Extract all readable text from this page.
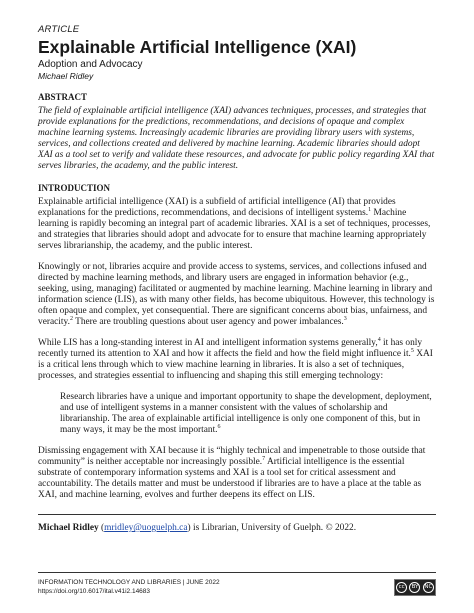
ARTICLE

Explainable Artificial Intelligence (XAI)

Adoption and Advocacy

Michael Ridley

ABSTRACT

The field of explainable artificial intelligence (XAI) advances techniques, processes, and strategies that provide explanations for the predictions, recommendations, and decisions of opaque and complex machine learning systems. Increasingly academic libraries are providing library users with systems, services, and collections created and delivered by machine learning. Academic libraries should adopt XAI as a tool set to verify and validate these resources, and advocate for public policy regarding XAI that serves libraries, the academy, and the public interest.

INTRODUCTION

Explainable artificial intelligence (XAI) is a subfield of artificial intelligence (AI) that provides explanations for the predictions, recommendations, and decisions of intelligent systems.$^1$ Machine learning is rapidly becoming an integral part of academic libraries. XAI is a set of techniques, processes, and strategies that libraries should adopt and advocate for to ensure that machine learning appropriately serves librarianship, the academy, and the public interest.

Knowingly or not, libraries acquire and provide access to systems, services, and collections infused and directed by machine learning methods, and library users are engaged in information behavior (e.g., seeking, using, managing) facilitated or augmented by machine learning. Machine learning in library and information science (LIS), as with many other fields, has become ubiquitous. However, this technology is often opaque and complex, yet consequential. There are significant concerns about bias, unfairness, and veracity.$^2$ There are troubling questions about user agency and power imbalances.$^3$

While LIS has a long-standing interest in AI and intelligent information systems generally,$^4$ it has only recently turned its attention to XAI and how it affects the field and how the field might influence it.$^5$ XAI is a critical lens through which to view machine learning in libraries. It is also a set of techniques, processes, and strategies essential to influencing and shaping this still emerging technology:

Research libraries have a unique and important opportunity to shape the development, deployment, and use of intelligent systems in a manner consistent with the values of scholarship and librarianship. The area of explainable artificial intelligence is only one component of this, but in many ways, it may be the most important.$^6$

Dismissing engagement with XAI because it is “highly technical and impenetrable to those outside that community” is neither acceptable nor increasingly possible.$^7$ Artificial intelligence is the essential substrate of contemporary information systems and XAI is a tool set for critical assessment and accountability. The details matter and must be understood if libraries are to have a place at the table as XAI, and machine learning, evolves and further deepens its effect on LIS.

Michael Ridley (mridley@uoguelph.ca) is Librarian, University of Guelph. © 2022.

INFORMATION TECHNOLOGY AND LIBRARIES | JUNE 2022
https://doi.org/10.6017/ital.v41i2.14683
cc	BY	NC
